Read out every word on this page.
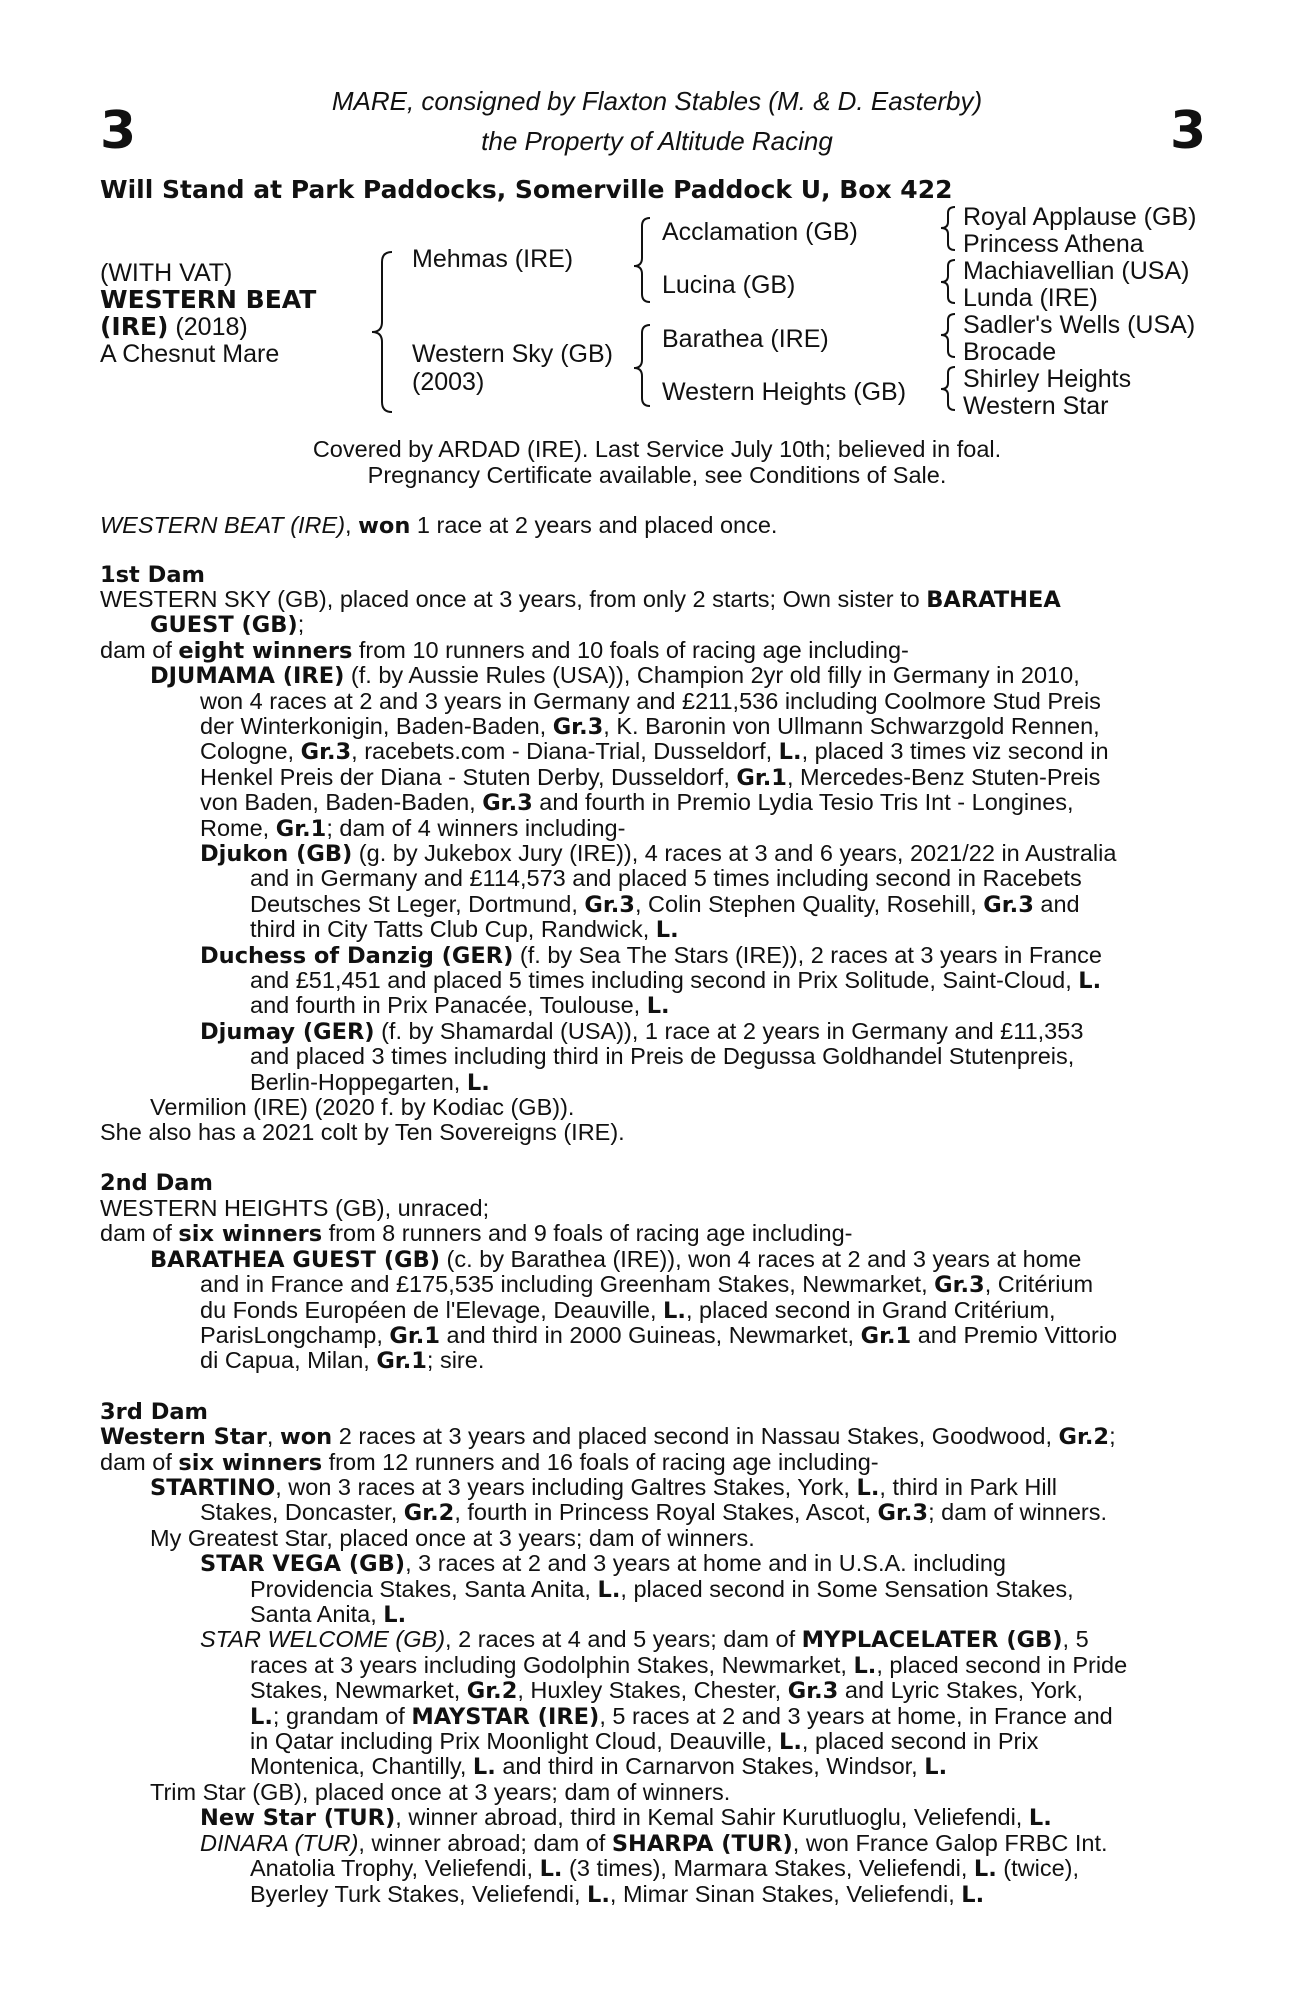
3	3
MARE, consigned by Flaxton Stables (M. & D. Easterby)
the Property of Altitude Racing
Will Stand at Park Paddocks, Somerville Paddock U, Box 422
(WITH VAT)
WESTERN BEAT
(IRE) (2018)
A Chesnut Mare
Mehmas (IRE)
Western Sky (GB)
(2003)
Acclamation (GB)
Lucina (GB)
Barathea (IRE)
Western Heights (GB)
Royal Applause (GB)
Princess Athena
Machiavellian (USA)
Lunda (IRE)
Sadler's Wells (USA)
Brocade
Shirley Heights
Western Star
Covered by ARDAD (IRE). Last Service July 10th; believed in foal.
Pregnancy Certificate available, see Conditions of Sale.
WESTERN BEAT (IRE), won 1 race at 2 years and placed once.
1st Dam
WESTERN SKY (GB), placed once at 3 years, from only 2 starts; Own sister to BARATHEA
GUEST (GB);
dam of eight winners from 10 runners and 10 foals of racing age including-
DJUMAMA (IRE) (f. by Aussie Rules (USA)), Champion 2yr old filly in Germany in 2010,
won 4 races at 2 and 3 years in Germany and £211,536 including Coolmore Stud Preis
der Winterkonigin, Baden-Baden, Gr.3, K. Baronin von Ullmann Schwarzgold Rennen,
Cologne, Gr.3, racebets.com - Diana-Trial, Dusseldorf, L., placed 3 times viz second in
Henkel Preis der Diana - Stuten Derby, Dusseldorf, Gr.1, Mercedes-Benz Stuten-Preis
von Baden, Baden-Baden, Gr.3 and fourth in Premio Lydia Tesio Tris Int - Longines,
Rome, Gr.1; dam of 4 winners including-
Djukon (GB) (g. by Jukebox Jury (IRE)), 4 races at 3 and 6 years, 2021/22 in Australia
and in Germany and £114,573 and placed 5 times including second in Racebets
Deutsches St Leger, Dortmund, Gr.3, Colin Stephen Quality, Rosehill, Gr.3 and
third in City Tatts Club Cup, Randwick, L.
Duchess of Danzig (GER) (f. by Sea The Stars (IRE)), 2 races at 3 years in France
and £51,451 and placed 5 times including second in Prix Solitude, Saint-Cloud, L.
and fourth in Prix Panacée, Toulouse, L.
Djumay (GER) (f. by Shamardal (USA)), 1 race at 2 years in Germany and £11,353
and placed 3 times including third in Preis de Degussa Goldhandel Stutenpreis,
Berlin-Hoppegarten, L.
Vermilion (IRE) (2020 f. by Kodiac (GB)).
She also has a 2021 colt by Ten Sovereigns (IRE).
2nd Dam
WESTERN HEIGHTS (GB), unraced;
dam of six winners from 8 runners and 9 foals of racing age including-
BARATHEA GUEST (GB) (c. by Barathea (IRE)), won 4 races at 2 and 3 years at home
and in France and £175,535 including Greenham Stakes, Newmarket, Gr.3, Critérium
du Fonds Européen de l'Elevage, Deauville, L., placed second in Grand Critérium,
ParisLongchamp, Gr.1 and third in 2000 Guineas, Newmarket, Gr.1 and Premio Vittorio
di Capua, Milan, Gr.1; sire.
3rd Dam
Western Star, won 2 races at 3 years and placed second in Nassau Stakes, Goodwood, Gr.2;
dam of six winners from 12 runners and 16 foals of racing age including-
STARTINO, won 3 races at 3 years including Galtres Stakes, York, L., third in Park Hill
Stakes, Doncaster, Gr.2, fourth in Princess Royal Stakes, Ascot, Gr.3; dam of winners.
My Greatest Star, placed once at 3 years; dam of winners.
STAR VEGA (GB), 3 races at 2 and 3 years at home and in U.S.A. including
Providencia Stakes, Santa Anita, L., placed second in Some Sensation Stakes,
Santa Anita, L.
STAR WELCOME (GB), 2 races at 4 and 5 years; dam of MYPLACELATER (GB), 5
races at 3 years including Godolphin Stakes, Newmarket, L., placed second in Pride
Stakes, Newmarket, Gr.2, Huxley Stakes, Chester, Gr.3 and Lyric Stakes, York,
L.; grandam of MAYSTAR (IRE), 5 races at 2 and 3 years at home, in France and
in Qatar including Prix Moonlight Cloud, Deauville, L., placed second in Prix
Montenica, Chantilly, L. and third in Carnarvon Stakes, Windsor, L.
Trim Star (GB), placed once at 3 years; dam of winners.
New Star (TUR), winner abroad, third in Kemal Sahir Kurutluoglu, Veliefendi, L.
DINARA (TUR), winner abroad; dam of SHARPA (TUR), won France Galop FRBC Int.
Anatolia Trophy, Veliefendi, L. (3 times), Marmara Stakes, Veliefendi, L. (twice),
Byerley Turk Stakes, Veliefendi, L., Mimar Sinan Stakes, Veliefendi, L.
